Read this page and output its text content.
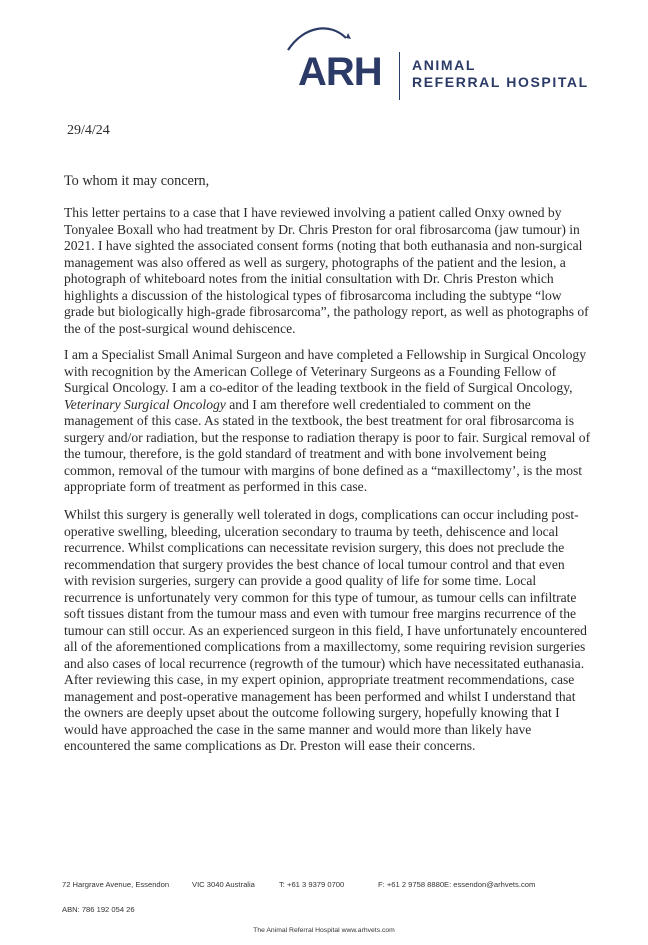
ARH ANIMAL
REFERRAL HOSPITAL
29/4/24
To whom it may concern,

This letter pertains to a case that I have reviewed involving a patient called Onxy owned by Tonyalee Boxall who had treatment by Dr. Chris Preston for oral fibrosarcoma (jaw tumour) in 2021. I have sighted the associated consent forms (noting that both euthanasia and non-surgical management was also offered as well as surgery, photographs of the patient and the lesion, a photograph of whiteboard notes from the initial consultation with Dr. Chris Preston which highlights a discussion of the histological types of fibrosarcoma including the subtype “low grade but biologically high-grade fibrosarcoma”, the pathology report, as well as photographs of the of the post-surgical wound dehiscence.

I am a Specialist Small Animal Surgeon and have completed a Fellowship in Surgical Oncology with recognition by the American College of Veterinary Surgeons as a Founding Fellow of Surgical Oncology. I am a co-editor of the leading textbook in the field of Surgical Oncology, Veterinary Surgical Oncology and I am therefore well credentialed to comment on the management of this case. As stated in the textbook, the best treatment for oral fibrosarcoma is surgery and/or radiation, but the response to radiation therapy is poor to fair. Surgical removal of the tumour, therefore, is the gold standard of treatment and with bone involvement being common, removal of the tumour with margins of bone defined as a “maxillectomy’, is the most appropriate form of treatment as performed in this case.

Whilst this surgery is generally well tolerated in dogs, complications can occur including post-operative swelling, bleeding, ulceration secondary to trauma by teeth, dehiscence and local recurrence. Whilst complications can necessitate revision surgery, this does not preclude the recommendation that surgery provides the best chance of local tumour control and that even with revision surgeries, surgery can provide a good quality of life for some time. Local recurrence is unfortunately very common for this type of tumour, as tumour cells can infiltrate soft tissues distant from the tumour mass and even with tumour free margins recurrence of the tumour can still occur. As an experienced surgeon in this field, I have unfortunately encountered all of the aforementioned complications from a maxillectomy, some requiring revision surgeries and also cases of local recurrence (regrowth of the tumour) which have necessitated euthanasia. After reviewing this case, in my expert opinion, appropriate treatment recommendations, case management and post-operative management has been performed and whilst I understand that the owners are deeply upset about the outcome following surgery, hopefully knowing that I would have approached the case in the same manner and would more than likely have encountered the same complications as Dr. Preston will ease their concerns.

72 Hargrave Avenue, Essendon	VIC 3040 Australia	T: +61 3 9379 0700	F: +61 2 9758 8880 E: essendon@arhvets.com
ABN: 786 192 054 26
The Animal Referral Hospital www.arhvets.com
